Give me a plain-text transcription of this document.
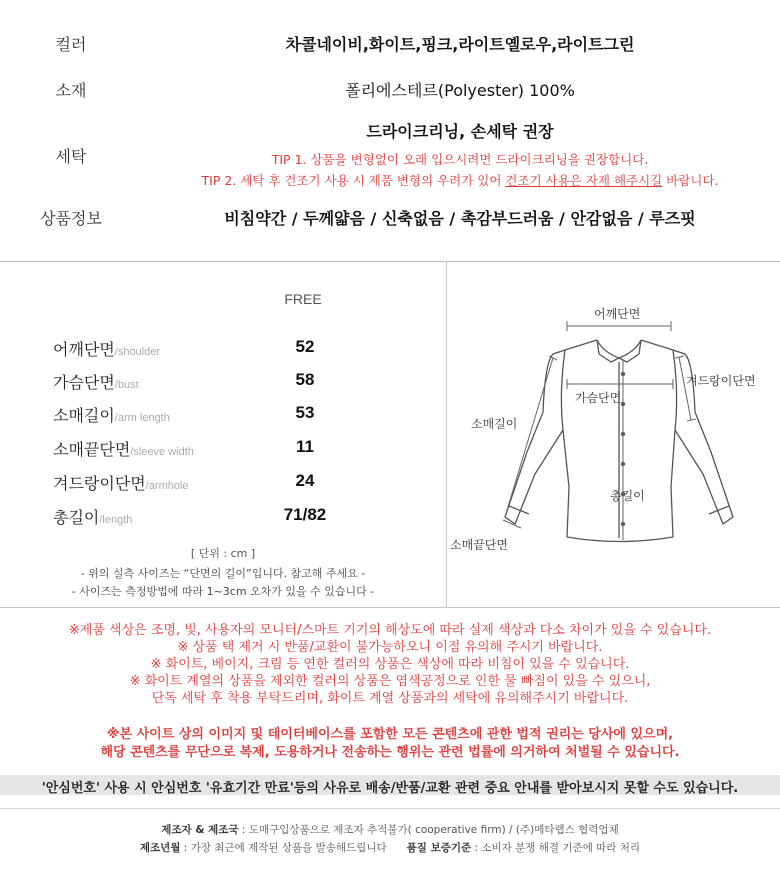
컬러	차콜네이비,화이트,핑크,라이트옐로우,라이트그린
소재	폴리에스테르(Polyester) 100%
세탁
드라이크리닝, 손세탁 권장
TIP 1. 상품을 변형없이 오래 입으시려면 드라이크리닝을 권장합니다.
TIP 2. 세탁 후 건조기 사용 시 제품 변형의 우려가 있어 건조기 사용은 자제 해주시길 바랍니다.
상품정보	비침약간 / 두께얇음 / 신축없음 / 촉감부드러움 / 안감없음 / 루즈핏
FREE
어깨단면/shoulder	52
가슴단면/bust	58
소매길이/arm length	53
소매끝단면/sleeve width	11
겨드랑이단면/armhole	24
총길이/length	71/82
[ 단위 : cm ]
- 위의 실측 사이즈는 “단면의 길이”입니다. 참고해 주세요 -
- 사이즈는 측정방법에 따라 1~3cm 오차가 있을 수 있습니다 -
어깨단면
겨드랑이단면
가슴단면
소매길이
총길이
소매끝단면
※제품 색상은 조명, 빛, 사용자의 모니터/스마트 기기의 해상도에 따라 실제 색상과 다소 차이가 있을 수 있습니다.
※ 상품 택 제거 시 반품/교환이 불가능하오니 이점 유의해 주시기 바랍니다.
※ 화이트, 베이지, 크림 등 연한 컬러의 상품은 색상에 따라 비침이 있을 수 있습니다.
※ 화이트 계열의 상품을 제외한 컬러의 상품은 염색공정으로 인한 물 빠짐이 있을 수 있으니,
단독 세탁 후 착용 부탁드리며, 화이트 계열 상품과의 세탁에 유의해주시기 바랍니다.
※본 사이트 상의 이미지 및 데이터베이스를 포함한 모든 콘텐츠에 관한 법적 권리는 당사에 있으며,
해당 콘텐츠를 무단으로 복제, 도용하거나 전송하는 행위는 관련 법률에 의거하여 처벌될 수 있습니다.
'안심번호' 사용 시 안심번호 '유효기간 만료'등의 사유로 배송/반품/교환 관련 중요 안내를 받아보시지 못할 수도 있습니다.
제조자 & 제조국 : 도매구입상품으로 제조자 추적불가( cooperative firm) / (주)메타랩스 협력업체
제조년월 : 가장 최근에 제작된 상품을 발송해드립니다 품질 보증기준 : 소비자 분쟁 해결 기준에 따라 처리
